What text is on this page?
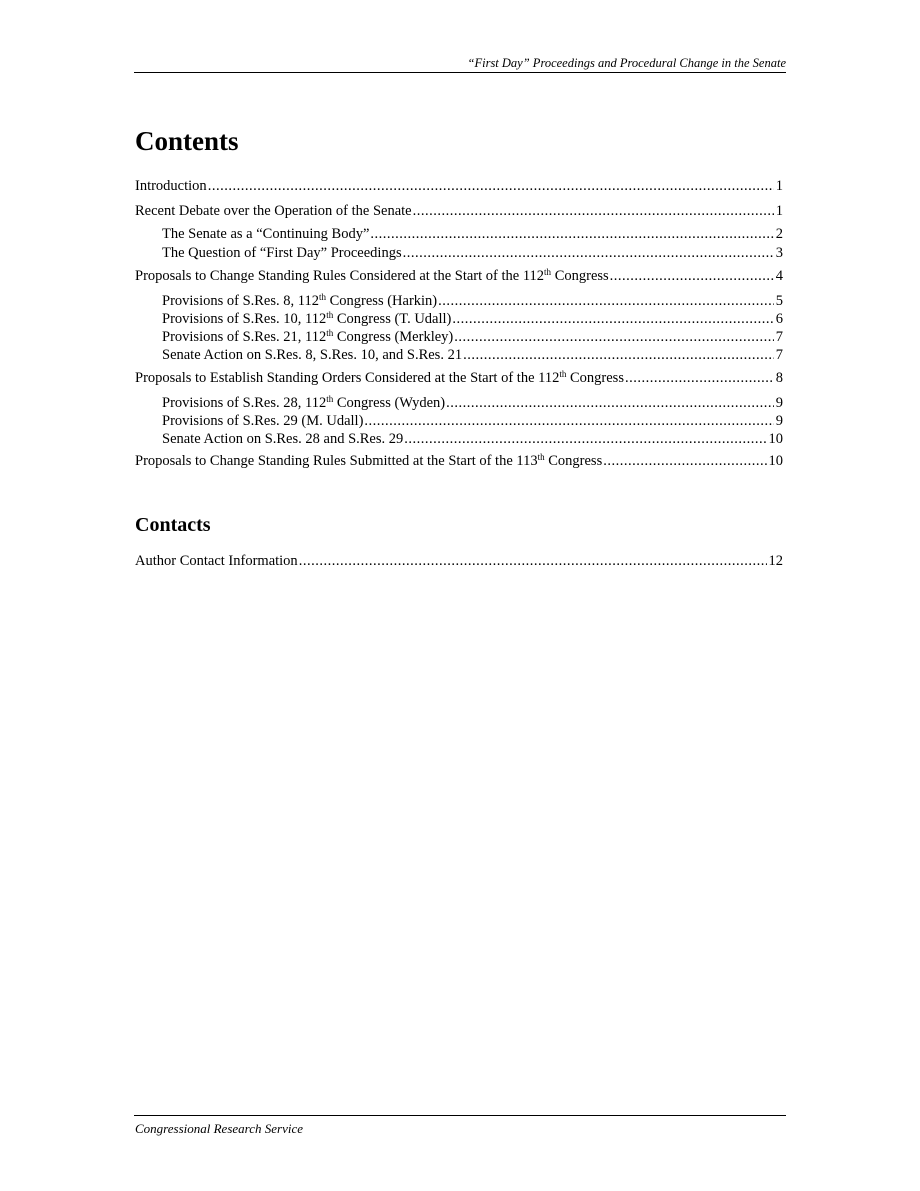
“First Day” Proceedings and Procedural Change in the Senate
Contents
Introduction .....	1
Recent Debate over the Operation of the Senate .....	1
The Senate as a “Continuing Body” .....	2
The Question of “First Day” Proceedings .....	3
Proposals to Change Standing Rules Considered at the Start of the 112th Congress .....	4
Provisions of S.Res. 8, 112th Congress (Harkin) .....	5
Provisions of S.Res. 10, 112th Congress (T. Udall) .....	6
Provisions of S.Res. 21, 112th Congress (Merkley) .....	7
Senate Action on S.Res. 8, S.Res. 10, and S.Res. 21 .....	7
Proposals to Establish Standing Orders Considered at the Start of the 112th Congress .....	8
Provisions of S.Res. 28, 112th Congress (Wyden) .....	9
Provisions of S.Res. 29 (M. Udall) .....	9
Senate Action on S.Res. 28 and S.Res. 29 .....	10
Proposals to Change Standing Rules Submitted at the Start of the 113th Congress .....	10
Contacts
Author Contact Information .....	12
Congressional Research Service
